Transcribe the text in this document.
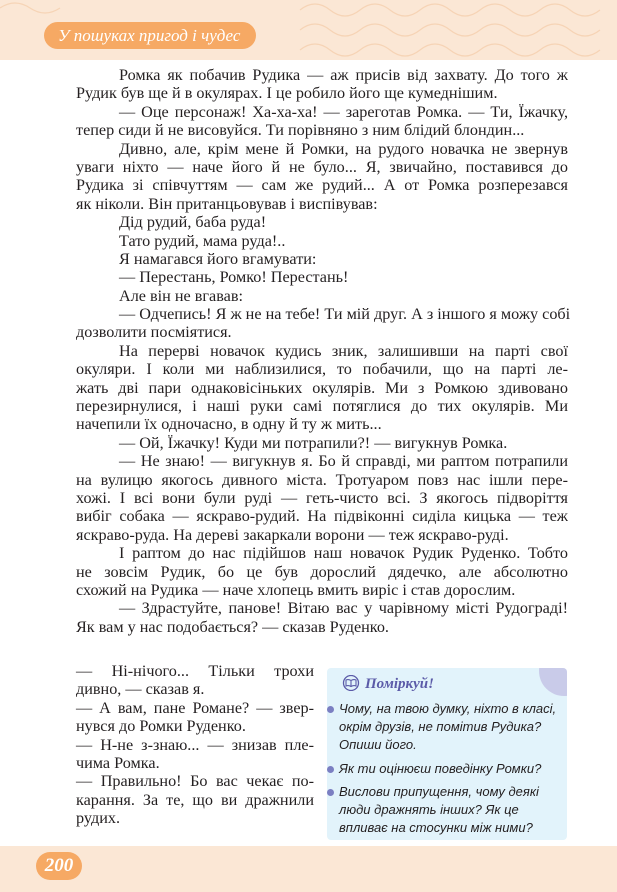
У пошуках пригод і чудес
Ромка як побачив Рудика — аж присів від захвату. До того ж
Рудик був ще й в окулярах. І це робило його ще кумеднішим.
— Оце персонаж! Ха-ха-ха! — зареготав Ромка. — Ти, Їжачку,
тепер сиди й не висовуйся. Ти порівняно з ним блідий блондин...
Дивно, але, крім мене й Ромки, на рудого новачка не звернув
уваги ніхто — наче його й не було... Я, звичайно, поставився до
Рудика зі співчуттям — сам же рудий... А от Ромка розперезався
як ніколи. Він пританцьовував і виспівував:
Дід рудий, баба руда!
Тато рудий, мама руда!..
Я намагався його вгамувати:
— Перестань, Ромко! Перестань!
Але він не вгавав:
— Одчепись! Я ж не на тебе! Ти мій друг. А з іншого я можу собі
дозволити посміятися.
На перерві новачок кудись зник, залишивши на парті свої
окуляри. І коли ми наблизилися, то побачили, що на парті ле-
жать дві пари однаковісіньких окулярів. Ми з Ромкою здивовано
перезирнулися, і наші руки самі потяглися до тих окулярів. Ми
начепили їх одночасно, в одну й ту ж мить...
— Ой, Їжачку! Куди ми потрапили?! — вигукнув Ромка.
— Не знаю! — вигукнув я. Бо й справді, ми раптом потрапили
на вулицю якогось дивного міста. Тротуаром повз нас ішли пере-
хожі. І всі вони були руді — геть-чисто всі. З якогось підворіття
вибіг собака — яскраво-рудий. На підвіконні сиділа кицька — теж
яскраво-руда. На дереві закаркали ворони — теж яскраво-руді.
І раптом до нас підійшов наш новачок Рудик Руденко. Тобто
не зовсім Рудик, бо це був дорослий дядечко, але абсолютно
схожий на Рудика — наче хлопець вмить виріс і став дорослим.
— Здрастуйте, панове! Вітаю вас у чарівному місті Рудограді!
Як вам у нас подобається? — сказав Руденко.
— Ні-нічого... Тільки трохи
дивно, — сказав я.
— А вам, пане Романе? — звер-
нувся до Ромки Руденко.
— Н-не з-знаю... — знизав пле-
чима Ромка.
— Правильно! Бо вас чекає по-
карання. За те, що ви дражнили
рудих.
Поміркуй!
Чому, на твою думку, ніхто в класі, окрім друзів, не помітив Рудика? Опиши його.
Як ти оцінюєш поведінку Ромки?
Вислови припущення, чому деякі люди дражнять інших? Як це впливає на стосунки між ними?
200
